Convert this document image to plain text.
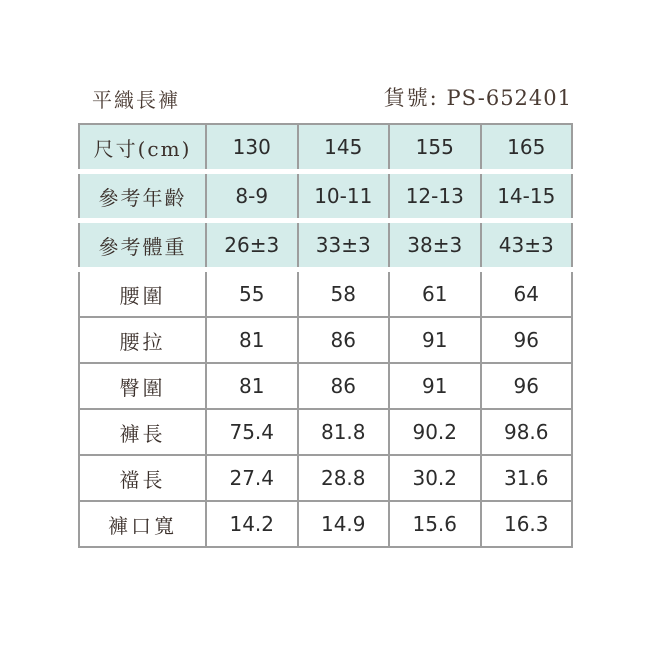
平織長褲	貨號: PS-652401
尺寸(cm)	130	145	155	165
參考年齡	8-9	10-11	12-13	14-15
參考體重	26±3	33±3	38±3	43±3
腰圍	55	58	61	64
腰拉	81	86	91	96
臀圍	81	86	91	96
褲長	75.4	81.8	90.2	98.6
襠長	27.4	28.8	30.2	31.6
褲口寬	14.2	14.9	15.6	16.3
